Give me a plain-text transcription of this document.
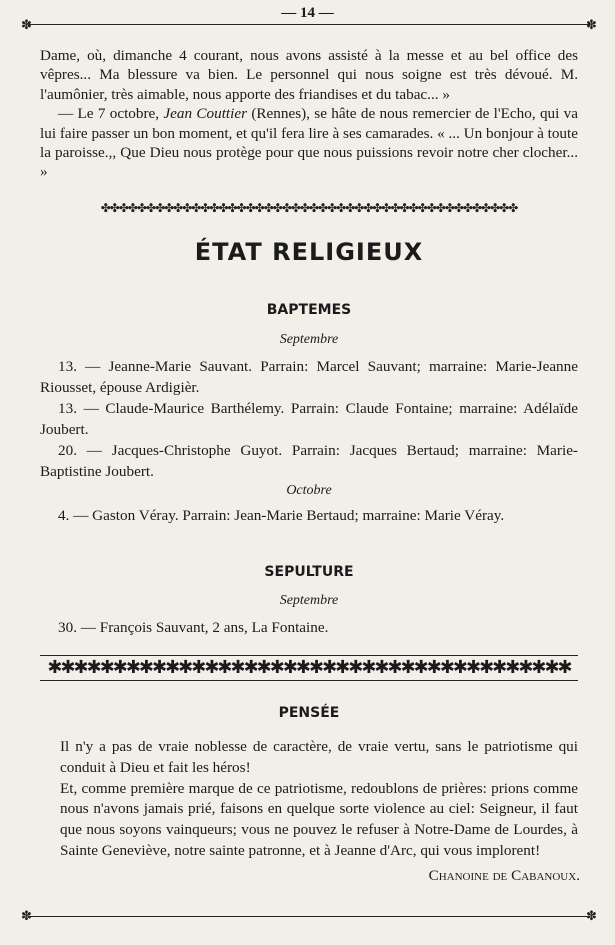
— 14 —
✽	✽
✽	✽

Dame, où, dimanche 4 courant, nous avons assisté à la messe et au bel office des vêpres... Ma blessure va bien. Le personnel qui nous soigne est très dévoué. M. l'aumônier, très aimable, nous apporte des friandises et du tabac... »

— Le 7 octobre, Jean Couttier (Rennes), se hâte de nous remercier de l'Echo, qui va lui faire passer un bon moment, et qu'il fera lire à ses camarades. « ... Un bonjour à toute la paroisse.,, Que Dieu nous protège pour que nous puissions revoir notre cher clocher... »

✤✤✤✤✤✤✤✤✤✤✤✤✤✤✤✤✤✤✤✤✤✤✤✤✤✤✤✤✤✤✤✤✤✤✤✤✤✤✤✤✤✤✤✤✤✤
ÉTAT RELIGIEUX
BAPTEMES
Septembre

13. — Jeanne-Marie Sauvant. Parrain: Marcel Sauvant; marraine: Marie-Jeanne Riousset, épouse Ardigièr.

13. — Claude-Maurice Barthélemy. Parrain: Claude Fontaine; marraine: Adélaïde Joubert.

20. — Jacques-Christophe Guyot. Parrain: Jacques Bertaud; marraine: Marie-Baptistine Joubert.

Octobre

4. — Gaston Véray. Parrain: Jean-Marie Bertaud; marraine: Marie Véray.

SEPULTURE
Septembre

30. — François Sauvant, 2 ans, La Fontaine.

✱✱✱✱✱✱✱✱✱✱✱✱✱✱✱✱✱✱✱✱✱✱✱✱✱✱✱✱✱✱✱✱✱✱✱✱✱✱✱✱
PENSÉE

Il n'y a pas de vraie noblesse de caractère, de vraie vertu, sans le patriotisme qui conduit à Dieu et fait les héros!

Et, comme première marque de ce patriotisme, redoublons de prières: prions comme nous n'avons jamais prié, faisons en quelque sorte violence au ciel: Seigneur, il faut que nous soyons vainqueurs; vous ne pouvez le refuser à Notre-Dame de Lourdes, à Sainte Geneviève, notre sainte patronne, et à Jeanne d'Arc, qui vous implorent!

Chanoine de Cabanoux.
